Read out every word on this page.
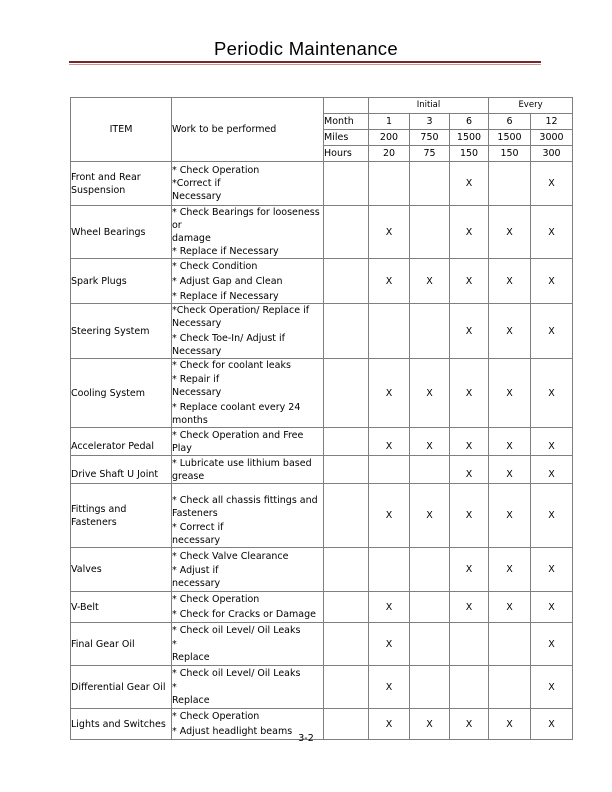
Periodic Maintenance
ITEM	Work to be performed		Initial			Every	
		Month	1	3	6	6	12
		Miles	200	750	1500	1500	3000
		Hours	20	75	150	150	300
Front and Rear Suspension	* Check Operation
*Correct if
Necessary				X		X
Wheel Bearings	* Check Bearings for looseness or
damage
* Replace if Necessary		X		X	X	X
Spark Plugs	* Check Condition
* Adjust Gap and Clean
* Replace if Necessary		X	X	X	X	X
Steering System	*Check Operation/ Replace if Necessary
* Check Toe-In/ Adjust if Necessary				X	X	X
Cooling System	* Check for coolant leaks
* Repair if
Necessary
* Replace coolant every 24 months		X	X	X	X	X
Accelerator Pedal	* Check Operation and Free
Play		X	X	X	X	X
Drive Shaft U Joint	* Lubricate use lithium based
grease				X	X	X
Fittings and Fasteners	* Check all chassis fittings and Fasteners
* Correct if
necessary		X	X	X	X	X
Valves	* Check Valve Clearance
* Adjust if
necessary				X	X	X
V-Belt	* Check Operation
* Check for Cracks or Damage		X		X	X	X
Final Gear Oil	* Check oil Level/ Oil Leaks
*
Replace		X				X
Differential Gear Oil	* Check oil Level/ Oil Leaks
*
Replace		X				X
Lights and Switches	* Check Operation
* Adjust headlight beams		X	X	X	X	X
3-2
